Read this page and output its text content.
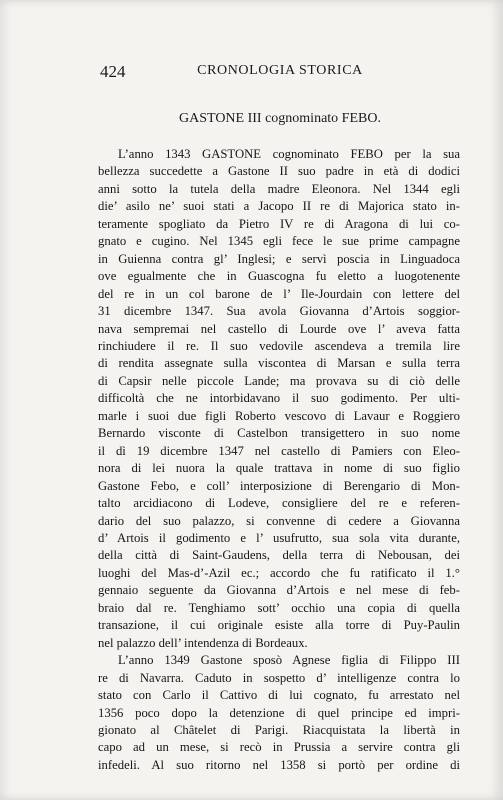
424	CRONOLOGIA STORICA
GASTONE III cognominato FEBO.
L’anno 1343 GASTONE cognominato FEBO per la sua
bellezza succedette a Gastone II suo padre in età di dodici
anni sotto la tutela della madre Eleonora. Nel 1344 egli
die’ asilo ne’ suoi stati a Jacopo II re di Majorica stato in-
teramente spogliato da Pietro IV re di Aragona di lui co-
gnato e cugino. Nel 1345 egli fece le sue prime campagne
in Guienna contra gl’ Inglesi; e servì poscia in Linguadoca
ove egualmente che in Guascogna fu eletto a luogotenente
del re in un col barone de l’ Ile-Jourdain con lettere del
31 dicembre 1347. Sua avola Giovanna d’Artois soggior-
nava sempremai nel castello di Lourde ove l’ aveva fatta
rinchiudere il re. Il suo vedovile ascendeva a tremila lire
di rendita assegnate sulla viscontea di Marsan e sulla terra
di Capsir nelle piccole Lande; ma provava su di ciò delle
difficoltà che ne intorbidavano il suo godimento. Per ulti-
marle i suoi due figli Roberto vescovo di Lavaur e Roggiero
Bernardo visconte di Castelbon transigettero in suo nome
il dì 19 dicembre 1347 nel castello di Pamiers con Eleo-
nora di lei nuora la quale trattava in nome di suo figlio
Gastone Febo, e coll’ interposizione di Berengario di Mon-
talto arcidiacono di Lodeve, consigliere del re e referen-
dario del suo palazzo, si convenne di cedere a Giovanna
d’ Artois il godimento e l’ usufrutto, sua sola vita durante,
della città di Saint-Gaudens, della terra di Nebousan, dei
luoghi del Mas-d’-Azil ec.; accordo che fu ratificato il 1.°
gennaio seguente da Giovanna d’Artois e nel mese di feb-
braio dal re. Tenghiamo sott’ occhio una copia di quella
transazione, il cui originale esiste alla torre di Puy-Paulin
nel palazzo dell’ intendenza di Bordeaux.
L’anno 1349 Gastone sposò Agnese figlia di Filippo III
re di Navarra. Caduto in sospetto d’ intelligenze contra lo
stato con Carlo il Cattivo di lui cognato, fu arrestato nel
1356 poco dopo la detenzione di quel principe ed impri-
gionato al Châtelet di Parigi. Riacquistata la libertà in
capo ad un mese, si recò in Prussia a servire contra gli
infedeli. Al suo ritorno nel 1358 si portò per ordine di
